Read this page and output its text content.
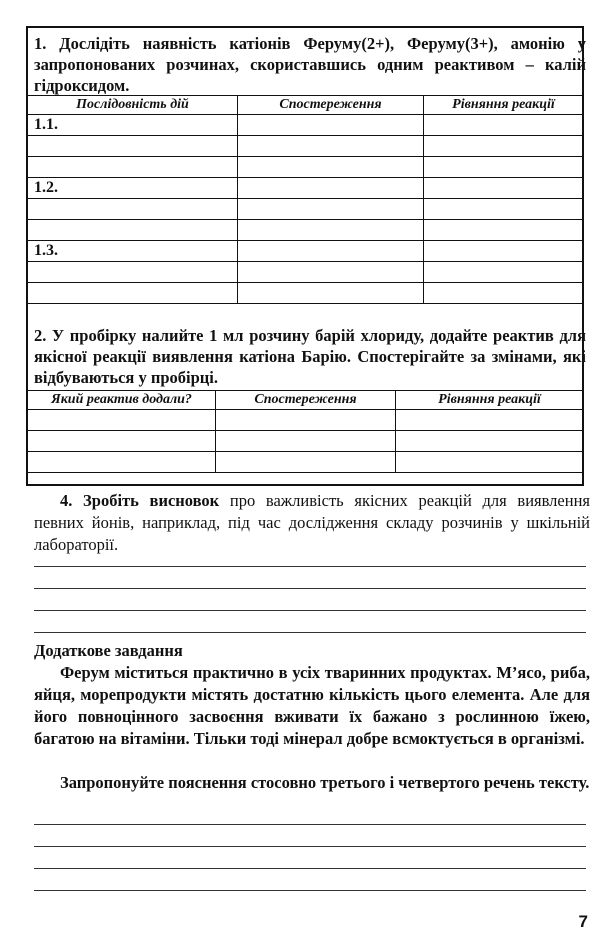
1. Дослідіть наявність катіонів Феруму(2+), Феруму(3+), амонію у запропонованих розчинах, скориставшись одним реактивом – калій гідроксидом.
Послідовність дій	Спостереження	Рівняння реакції
1.1.		

1.2.		

1.3.		

2. У пробірку налийте 1 мл розчину барій хлориду, додайте реактив для якісної реакції виявлення катіона Барію. Спостерігайте за змінами, які відбуваються у пробірці.
Який реактив додали?	Спостереження	Рівняння реакції

4. Зробіть висновок про важливість якісних реакцій для виявлення певних йонів, наприклад, під час дослідження складу розчинів у шкільній лабораторії.
Додаткове завдання
Ферум міститься практично в усіх тваринних продуктах. М’ясо, риба, яйця, морепродукти містять достатню кількість цього елемента. Але для його повноцінного засвоєння вживати їх бажано з рослинною їжею, багатою на вітаміни. Тільки тоді мінерал добре всмоктується в організмі.
Запропонуйте пояснення стосовно третього і четвертого речень тексту.
7
